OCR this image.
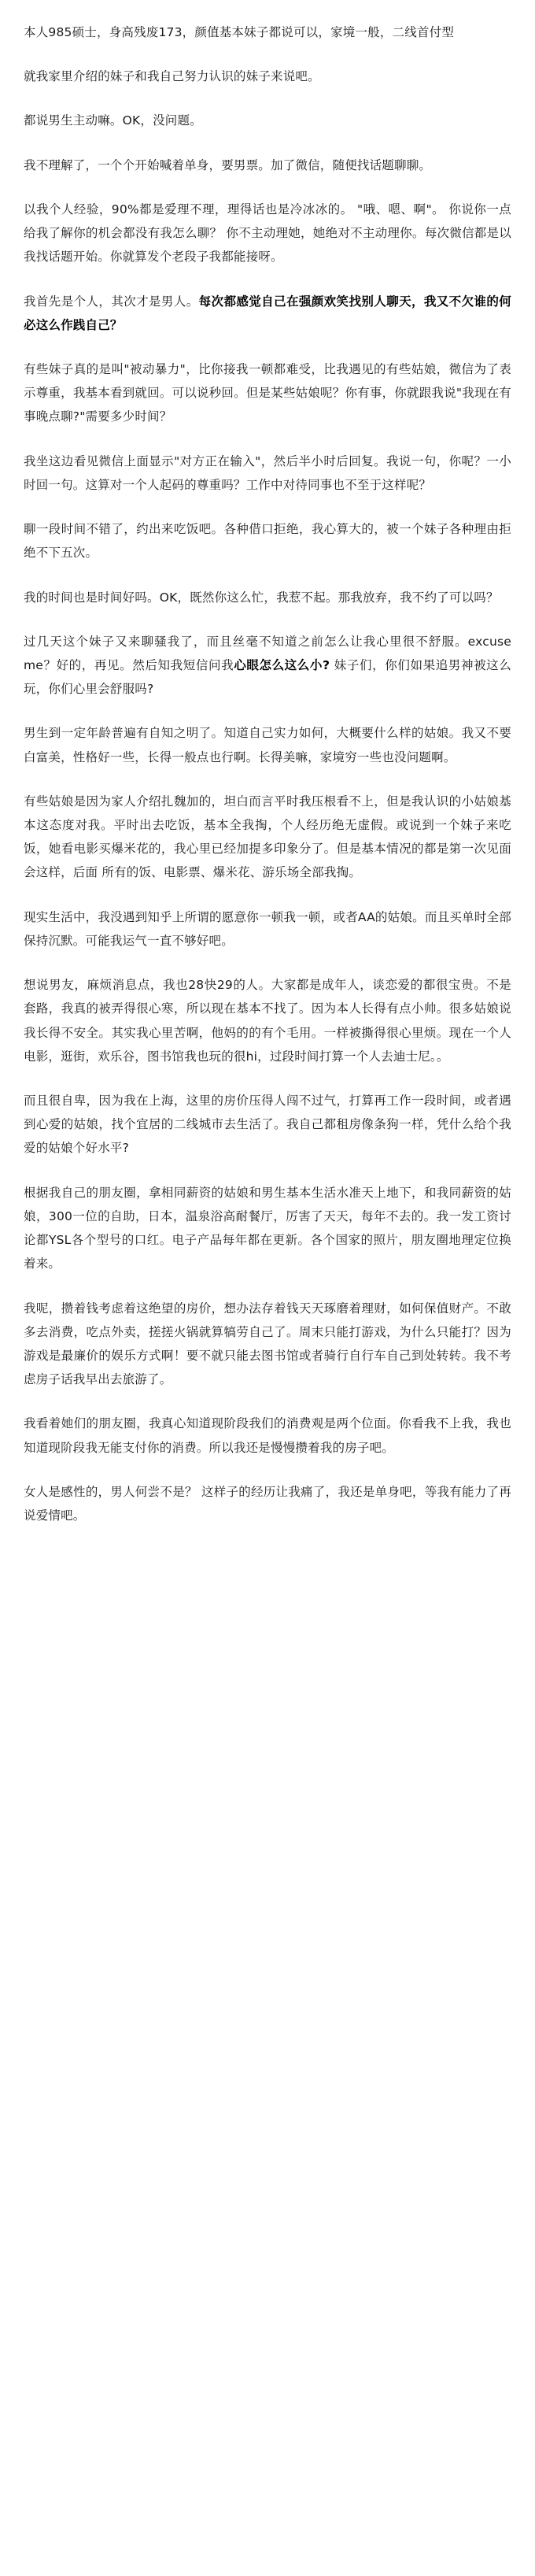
本人985硕士，身高残废173，颜值基本妹子都说可以，家境一般，二线首付型

就我家里介绍的妹子和我自己努力认识的妹子来说吧。

都说男生主动嘛。OK，没问题。

我不理解了，一个个开始喊着单身，要男票。加了微信，随便找话题聊聊。

以我个人经验，90%都是爱理不理，理得话也是冷冰冰的。 "哦、嗯、啊"。 你说你一点给我了解你的机会都没有我怎么聊？ 你不主动理她，她绝对不主动理你。每次微信都是以我找话题开始。你就算发个老段子我都能接呀。

我首先是个人，其次才是男人。每次都感觉自己在强颜欢笑找别人聊天，我又不欠谁的何必这么作践自己？

有些妹子真的是叫"被动暴力"，比你接我一顿都难受，比我遇见的有些姑娘，微信为了表示尊重，我基本看到就回。可以说秒回。但是某些姑娘呢？你有事，你就跟我说"我现在有事晚点聊?"需要多少时间？

我坐这边看见微信上面显示"对方正在输入"，然后半小时后回复。我说一句，你呢？一小时回一句。这算对一个人起码的尊重吗？工作中对待同事也不至于这样呢？

聊一段时间不错了，约出来吃饭吧。各种借口拒绝，我心算大的，被一个妹子各种理由拒绝不下五次。

我的时间也是时间好吗。OK，既然你这么忙，我惹不起。那我放弃，我不约了可以吗？

过几天这个妹子又来聊骚我了，而且丝毫不知道之前怎么让我心里很不舒服。excuse me？好的，再见。然后知我短信问我心眼怎么这么小? 妹子们，你们如果追男神被这么玩，你们心里会舒服吗?

男生到一定年龄普遍有自知之明了。知道自己实力如何，大概要什么样的姑娘。我又不要白富美，性格好一些，长得一般点也行啊。长得美嘛，家境穷一些也没问题啊。

有些姑娘是因为家人介绍扎魏加的，坦白而言平时我压根看不上，但是我认识的小姑娘基本这态度对我。平时出去吃饭，基本全我掏，个人经历绝无虚假。或说到一个妹子来吃饭，她看电影买爆米花的，我心里已经加提多印象分了。但是基本情况的都是第一次见面会这样，后面 所有的饭、电影票、爆米花、游乐场全部我掏。

现实生活中，我没遇到知乎上所谓的愿意你一顿我一顿，或者AA的姑娘。而且买单时全部保持沉默。可能我运气一直不够好吧。

想说男友，麻烦消息点，我也28快29的人。大家都是成年人，谈恋爱的都很宝贵。不是套路，我真的被弄得很心寒，所以现在基本不找了。因为本人长得有点小帅。很多姑娘说我长得不安全。其实我心里苦啊，他妈的的有个毛用。一样被撕得很心里烦。现在一个人电影，逛街，欢乐谷，图书馆我也玩的很hi，过段时间打算一个人去迪士尼。。

而且很自卑，因为我在上海，这里的房价压得人闯不过气，打算再工作一段时间，或者遇到心爱的姑娘，找个宜居的二线城市去生活了。我自己都租房像条狗一样，凭什么给个我爱的姑娘个好水平?

根据我自己的朋友圈，拿相同薪资的姑娘和男生基本生活水准天上地下，和我同薪资的姑娘，300一位的自助，日本，温泉浴高耐餐厅，厉害了天天，每年不去的。我一发工资讨论都YSL各个型号的口红。电子产品每年都在更新。各个国家的照片，朋友圈地理定位换着来。

我呢，攒着钱考虑着这绝望的房价，想办法存着钱天天琢磨着理财，如何保值财产。不敢多去消费，吃点外卖，搓搓火锅就算犒劳自己了。周末只能打游戏，为什么只能打？因为游戏是最廉价的娱乐方式啊！要不就只能去图书馆或者骑行自行车自己到处转转。我不考虑房子话我早出去旅游了。

我看着她们的朋友圈，我真心知道现阶段我们的消费观是两个位面。你看我不上我，我也知道现阶段我无能支付你的消费。所以我还是慢慢攒着我的房子吧。

女人是感性的，男人何尝不是？ 这样子的经历让我痛了，我还是单身吧，等我有能力了再说爱情吧。
